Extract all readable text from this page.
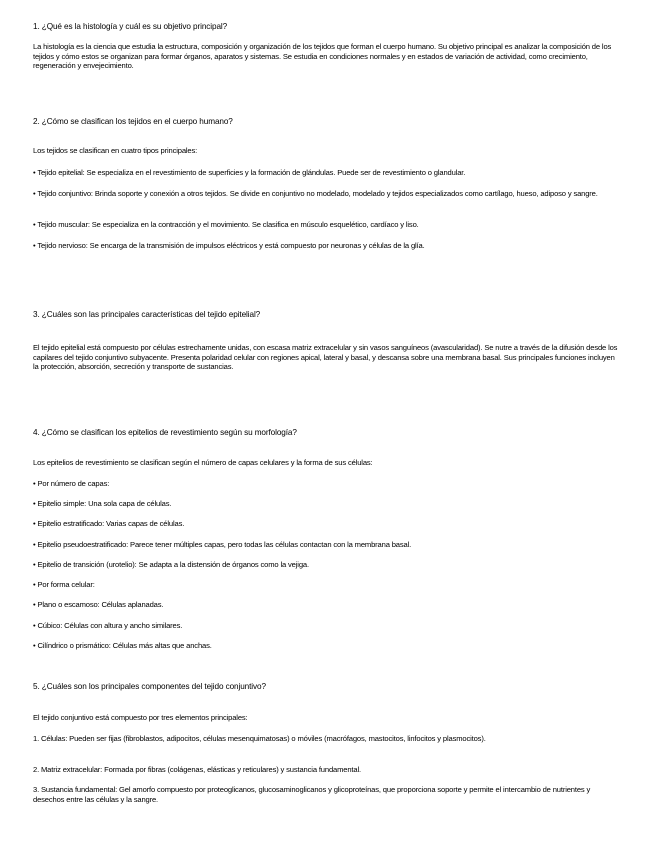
1. ¿Qué es la histología y cuál es su objetivo principal?
La histología es la ciencia que estudia la estructura, composición y organización de los tejidos que forman el cuerpo humano. Su objetivo principal es analizar la composición de los tejidos y cómo estos se organizan para formar órganos, aparatos y sistemas. Se estudia en condiciones normales y en estados de variación de actividad, como crecimiento, regeneración y envejecimiento.
2. ¿Cómo se clasifican los tejidos en el cuerpo humano?
Los tejidos se clasifican en cuatro tipos principales:
• Tejido epitelial: Se especializa en el revestimiento de superficies y la formación de glándulas. Puede ser de revestimiento o glandular.
• Tejido conjuntivo: Brinda soporte y conexión a otros tejidos. Se divide en conjuntivo no modelado, modelado y tejidos especializados como cartílago, hueso, adiposo y sangre.
• Tejido muscular: Se especializa en la contracción y el movimiento. Se clasifica en músculo esquelético, cardíaco y liso.
• Tejido nervioso: Se encarga de la transmisión de impulsos eléctricos y está compuesto por neuronas y células de la glía.
3. ¿Cuáles son las principales características del tejido epitelial?
El tejido epitelial está compuesto por células estrechamente unidas, con escasa matriz extracelular y sin vasos sanguíneos (avascularidad). Se nutre a través de la difusión desde los capilares del tejido conjuntivo subyacente. Presenta polaridad celular con regiones apical, lateral y basal, y descansa sobre una membrana basal. Sus principales funciones incluyen la protección, absorción, secreción y transporte de sustancias.
4. ¿Cómo se clasifican los epitelios de revestimiento según su morfología?
Los epitelios de revestimiento se clasifican según el número de capas celulares y la forma de sus células:
• Por número de capas:
• Epitelio simple: Una sola capa de células.
• Epitelio estratificado: Varias capas de células.
• Epitelio pseudoestratificado: Parece tener múltiples capas, pero todas las células contactan con la membrana basal.
• Epitelio de transición (urotelio): Se adapta a la distensión de órganos como la vejiga.
• Por forma celular:
• Plano o escamoso: Células aplanadas.
• Cúbico: Células con altura y ancho similares.
• Cilíndrico o prismático: Células más altas que anchas.
5. ¿Cuáles son los principales componentes del tejido conjuntivo?
El tejido conjuntivo está compuesto por tres elementos principales:
1. Células: Pueden ser fijas (fibroblastos, adipocitos, células mesenquimatosas) o móviles (macrófagos, mastocitos, linfocitos y plasmocitos).
2. Matriz extracelular: Formada por fibras (colágenas, elásticas y reticulares) y sustancia fundamental.
3. Sustancia fundamental: Gel amorfo compuesto por proteoglicanos, glucosaminoglicanos y glicoproteínas, que proporciona soporte y permite el intercambio de nutrientes y desechos entre las células y la sangre.
